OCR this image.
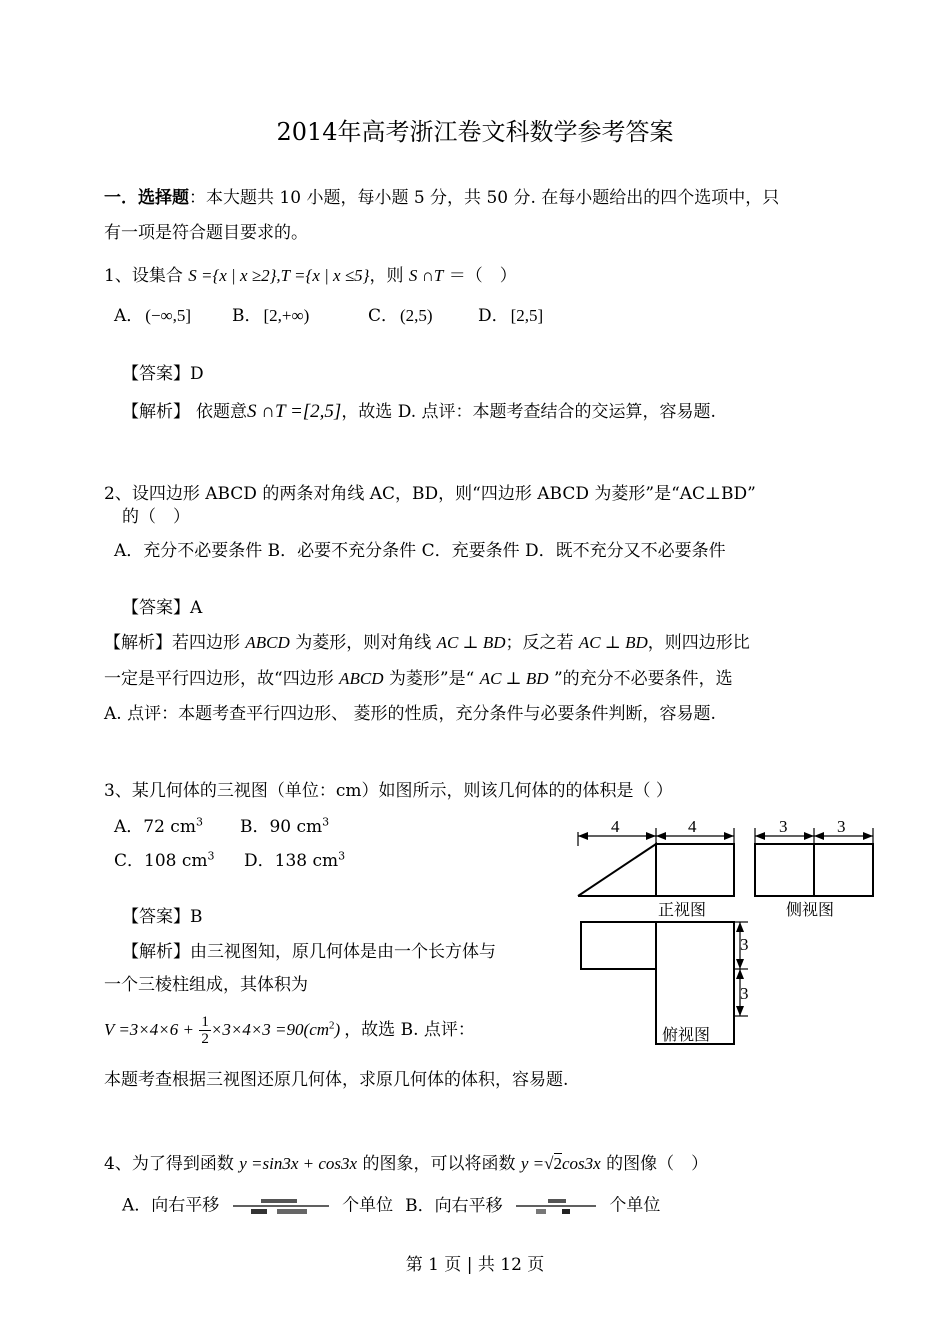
2014年高考浙江卷文科数学参考答案
一．选择题：本大题共 10 小题，每小题 5 分，共 50 分. 在每小题给出的四个选项中，只
有一项是符合题目要求的。
1、设集合 S ={x | x ≥2},T ={x | x ≤5}，则 S ∩T ＝（　）
A． (−∞,5] B． [2,+∞)	C． (2,5)	D． [2,5]
【答案】D
【解析】 依题意S ∩T =[2,5]，故选 D. 点评：本题考查结合的交运算，容易题.
2、设四边形 ABCD 的两条对角线 AC，BD，则“四边形 ABCD 为菱形”是“AC⊥BD”
的（　）
A．充分不必要条件 B．必要不充分条件 C．充要条件 D．既不充分又不必要条件
【答案】A
【解析】若四边形 ABCD 为菱形，则对角线 AC ⊥ BD；反之若 AC ⊥ BD，则四边形比
一定是平行四边形，故“四边形 ABCD 为菱形”是“ AC ⊥ BD ”的充分不必要条件，选
A. 点评：本题考查平行四边形、 菱形的性质，充分条件与必要条件判断，容易题.
3、某几何体的三视图（单位：cm）如图所示，则该几何体的的体积是（ ）
A．72 $cm^3$ B．90 $cm^3$
C．108 $cm^3$ D．138 $cm^3$
【答案】B
【解析】由三视图知，原几何体是由一个长方体与
一个三棱柱组成，其体积为
$V =3\times 4\times 6 + \frac{1}{2} \times 3\times 4\times 3 =90(cm^2)$ ，故选 B. 点评：
本题考查根据三视图还原几何体，求原几何体的体积，容易题.
4	4	3	3
3
3
正视图	侧视图
俯视图
4、为了得到函数 y =sin3x + cos3x 的图象，可以将函数 y =√2cos3x 的图像（　）
A．向右平移	个单位 B．向右平移	个单位
第 1 页 | 共 12 页
